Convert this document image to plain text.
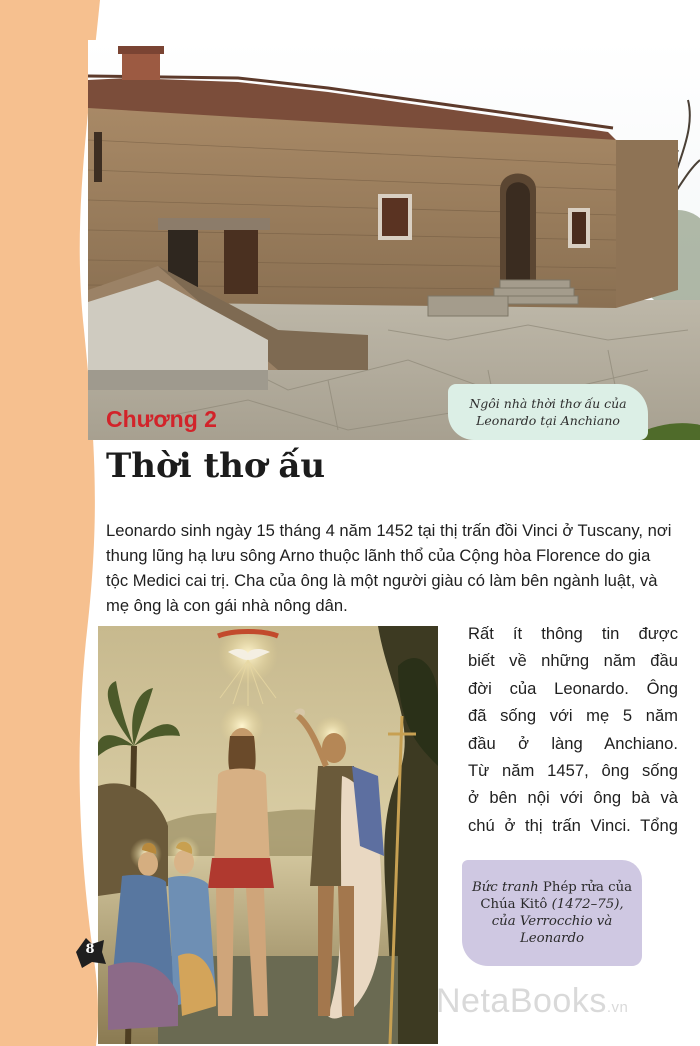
Ngôi nhà thời thơ ấu của
Leonardo tại Anchiano
Chương 2
Thời thơ ấu
Leonardo sinh ngày 15 tháng 4 năm 1452 tại thị trấn đồi Vinci ở Tuscany, nơi
thung lũng hạ lưu sông Arno thuộc lãnh thổ của Cộng hòa Florence do gia
tộc Medici cai trị. Cha của ông là một người giàu có làm bên ngành luật, và
mẹ ông là con gái nhà nông dân.
Rất ít thông tin được
biết về những năm đầu
đời của Leonardo. Ông
đã sống với mẹ 5 năm
đầu ở làng Anchiano.
Từ năm 1457, ông sống
ở bên nội với ông bà và
chú ở thị trấn Vinci. Tổng
Bức tranh Phép rửa của
Chúa Kitô (1472–75),
của Verrocchio và
Leonardo
8
NetaBooks.vn
